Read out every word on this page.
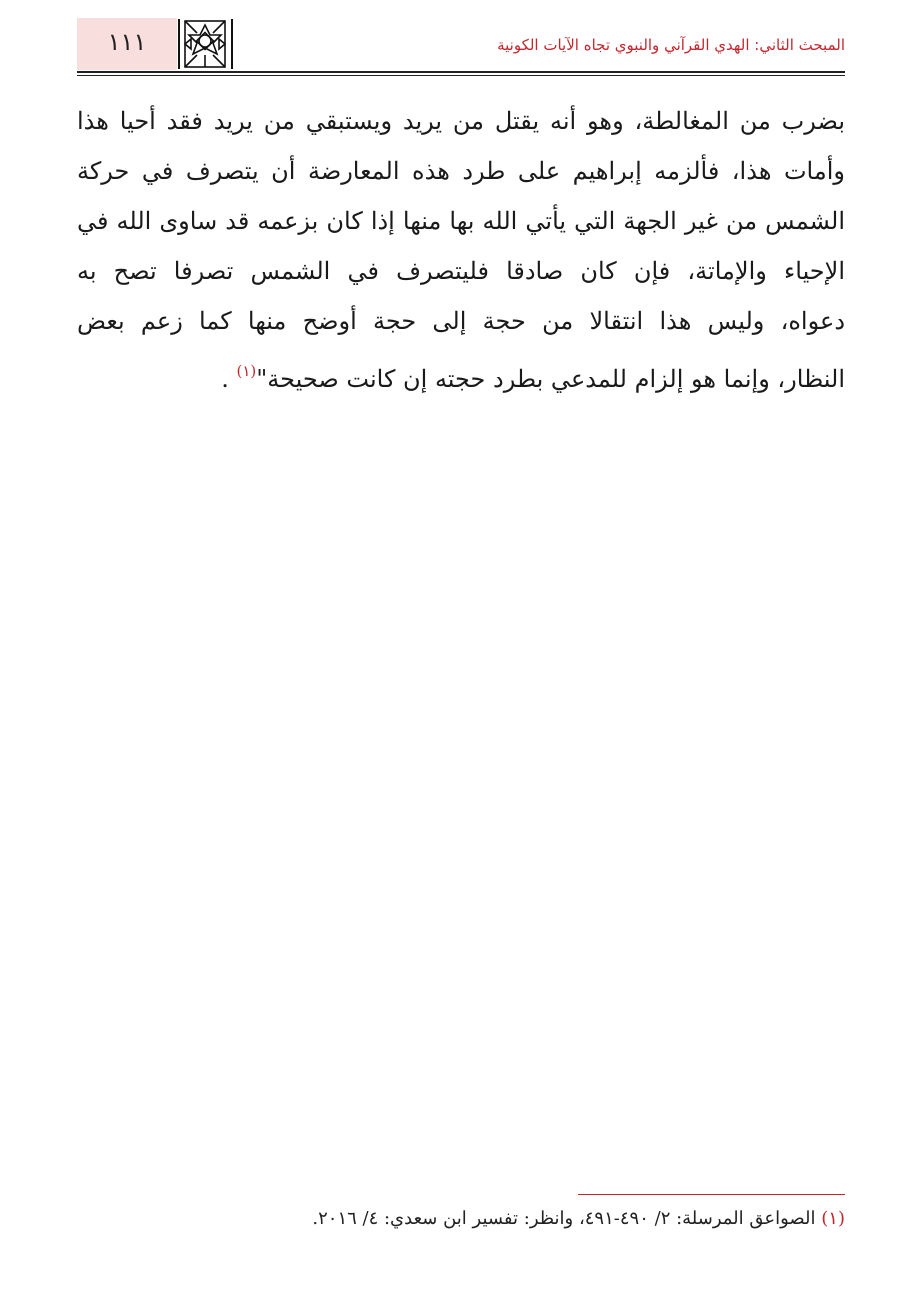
١١١	المبحث الثاني: الهدي القرآني والنبوي تجاه الآيات الكونية
بضرب من المغالطة، وهو أنه يقتل من يريد ويستبقي من يريد فقد أحيا هذا
وأمات هذا، فألزمه إبراهيم على طرد هذه المعارضة أن يتصرف في حركة
الشمس من غير الجهة التي يأتي الله بها منها إذا كان بزعمه قد ساوى الله في
الإحياء والإماتة، فإن كان صادقا فليتصرف في الشمس تصرفا تصح به
دعواه، وليس هذا انتقالا من حجة إلى حجة أوضح منها كما زعم بعض
النظار، وإنما هو إلزام للمدعي بطرد حجته إن كانت صحيحة"$^{(١)}$ .
(١) الصواعق المرسلة: ٢/ ٤٩٠-٤٩١، وانظر: تفسير ابن سعدي: ٤/ ٢٠١٦.
